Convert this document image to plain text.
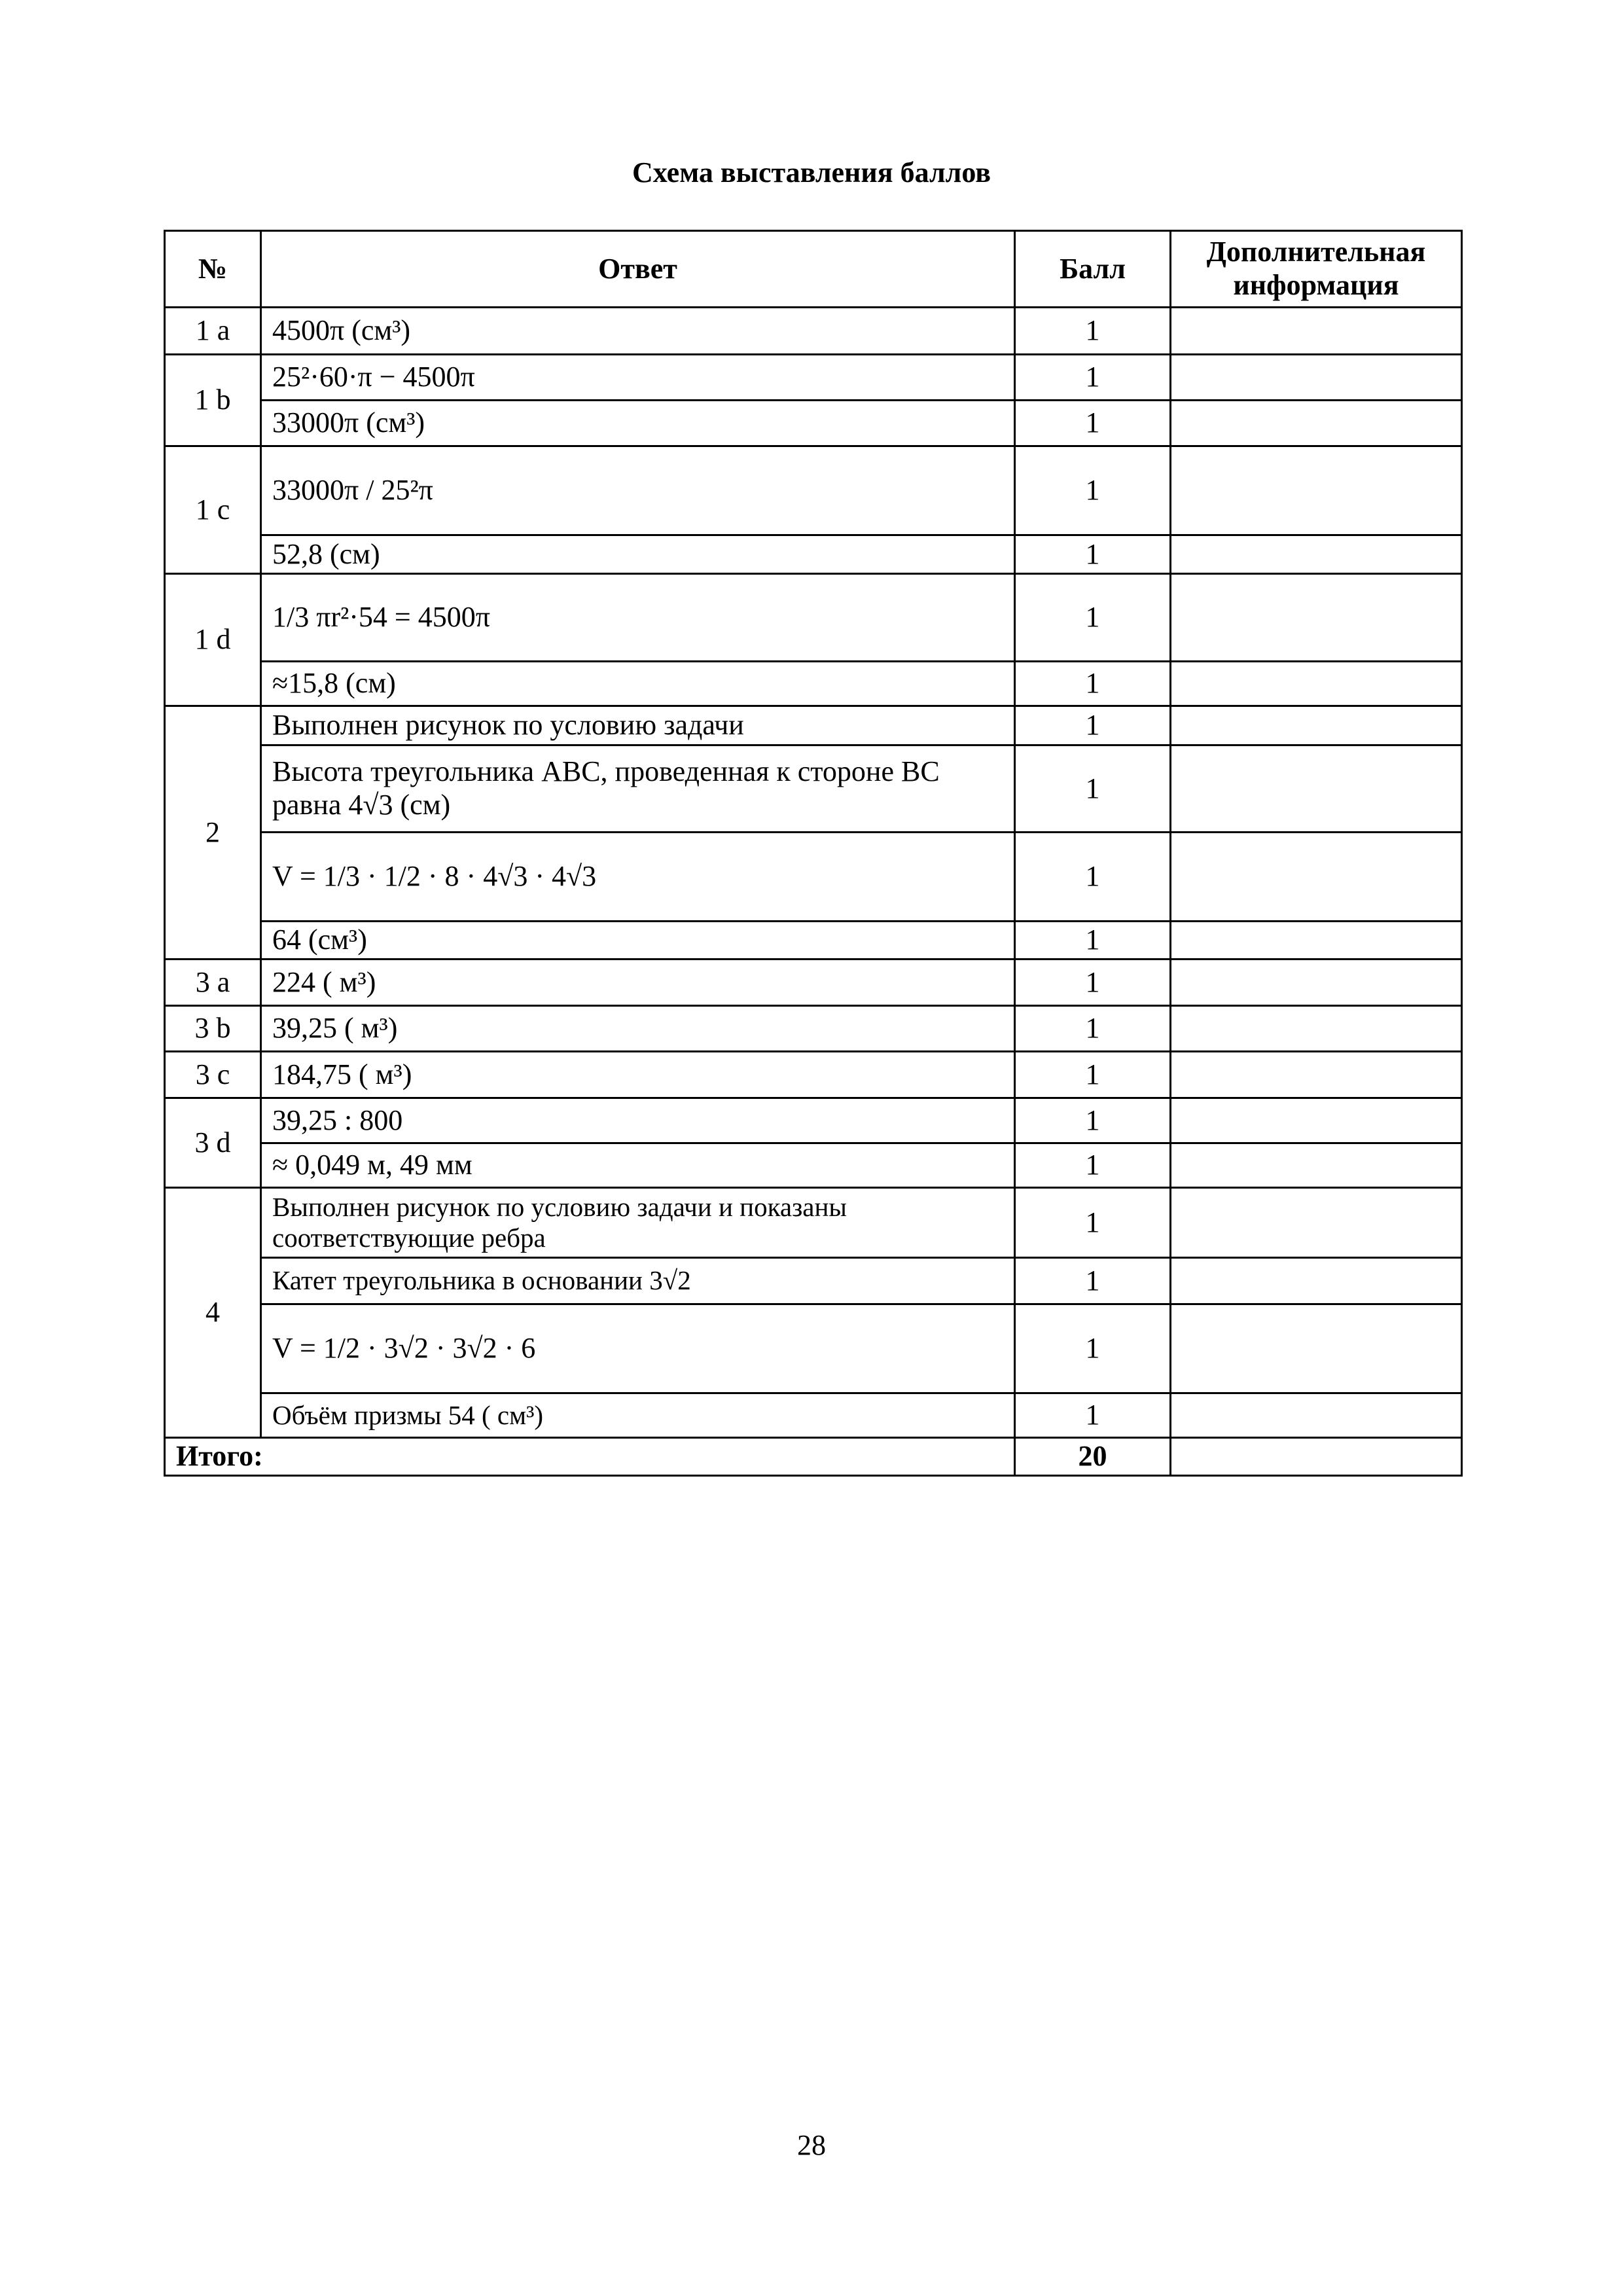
Схема выставления баллов
№	Ответ	Балл	Дополнительная информация
1 a	4500π (см³)	1	
1 b	25²·60·π − 4500π	1	
	33000π (см³)	1	
1 c	33000π / 25²π	1	
	52,8 (см)	1	
1 d	1/3 πr²·54 = 4500π	1	
	≈15,8 (см)	1	
2	Выполнен рисунок по условию задачи	1	
	Высота треугольника ABC, проведенная к стороне BC равна 4√3 (см)	1	
	V = 1/3 · 1/2 · 8 · 4√3 · 4√3	1	
	64 (см³)	1	
3 a	224 ( м³)	1	
3 b	39,25 ( м³)	1	
3 c	184,75 ( м³)	1	
3 d	39,25 : 800	1	
	≈ 0,049 м, 49 мм	1	
4	Выполнен рисунок по условию задачи и показаны соответствующие ребра	1	
	Катет треугольника в основании 3√2	1	
	V = 1/2 · 3√2 · 3√2 · 6	1	
	Объём призмы 54 ( см³)	1	
Итого:		20	
28
